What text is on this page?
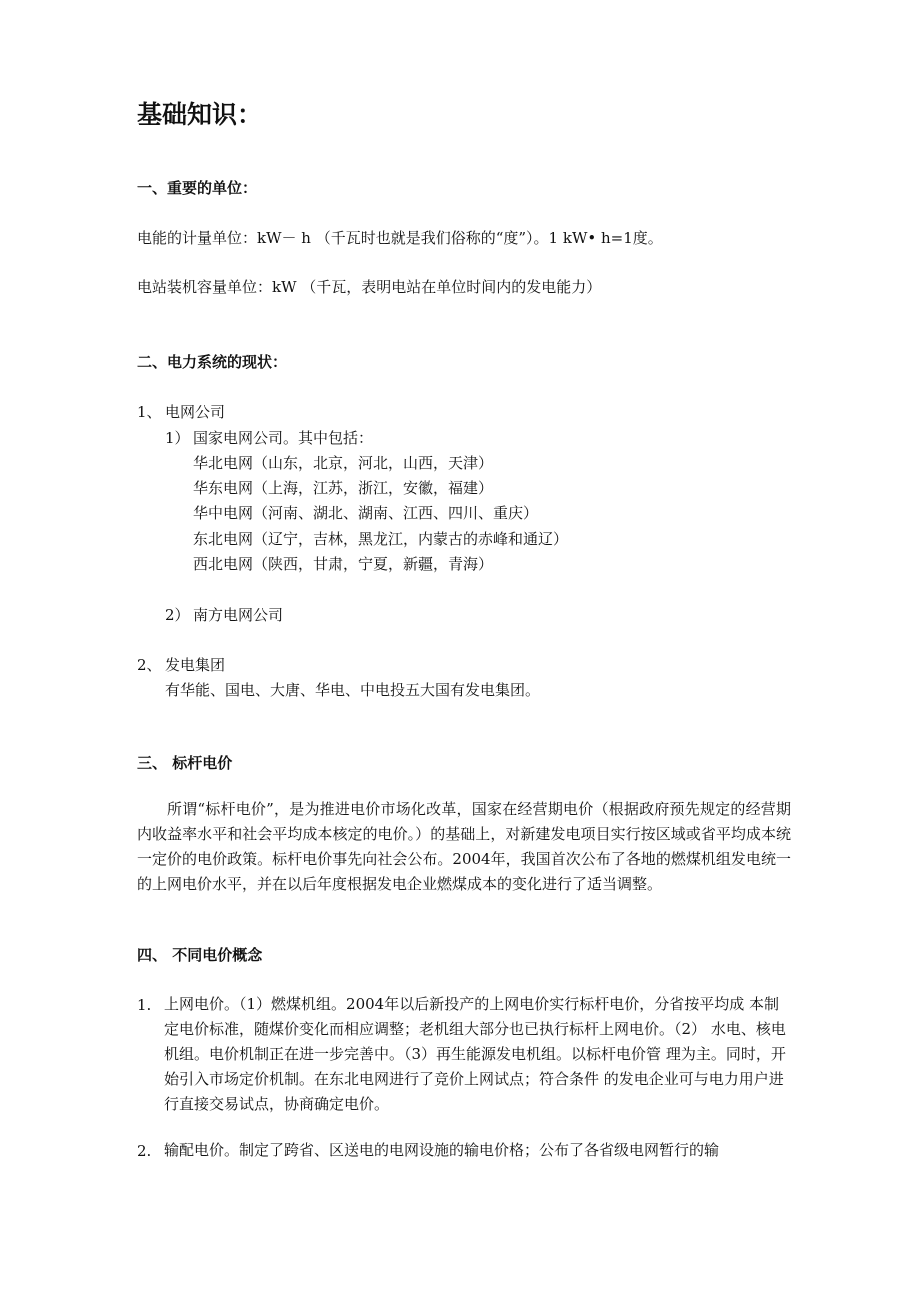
基础知识：
一、重要的单位：
电能的计量单位：kW－ h （千瓦时也就是我们俗称的“度”）。1 kW• h=1度。
电站装机容量单位：kW （千瓦，表明电站在单位时间内的发电能力）
二、电力系统的现状：
1、 电网公司
1） 国家电网公司。其中包括：
华北电网（山东，北京，河北，山西，天津）
华东电网（上海，江苏，浙江，安徽，福建）
华中电网（河南、湖北、湖南、江西、四川、重庆）
东北电网（辽宁，吉林，黑龙江，内蒙古的赤峰和通辽）
西北电网（陕西，甘肃，宁夏，新疆，青海）
2） 南方电网公司
2、 发电集团
有华能、国电、大唐、华电、中电投五大国有发电集团。
三、 标杆电价
所谓“标杆电价”，是为推进电价市场化改革，国家在经营期电价（根据政府预先规定的经营期内收益率水平和社会平均成本核定的电价。）的基础上，对新建发电项目实行按区域或省平均成本统一定价的电价政策。标杆电价事先向社会公布。2004年，我国首次公布了各地的燃煤机组发电统一的上网电价水平，并在以后年度根据发电企业燃煤成本的变化进行了适当调整。
四、 不同电价概念
1. 上网电价。（1）燃煤机组。2004年以后新投产的上网电价实行标杆电价，分省按平均成 本制定电价标准，随煤价变化而相应调整；老机组大部分也已执行标杆上网电价。（2） 水电、核电机组。电价机制正在进一步完善中。（3）再生能源发电机组。以标杆电价管 理为主。同时，开始引入市场定价机制。在东北电网进行了竞价上网试点；符合条件 的发电企业可与电力用户进行直接交易试点，协商确定电价。
2. 输配电价。制定了跨省、区送电的电网设施的输电价格；公布了各省级电网暂行的输
